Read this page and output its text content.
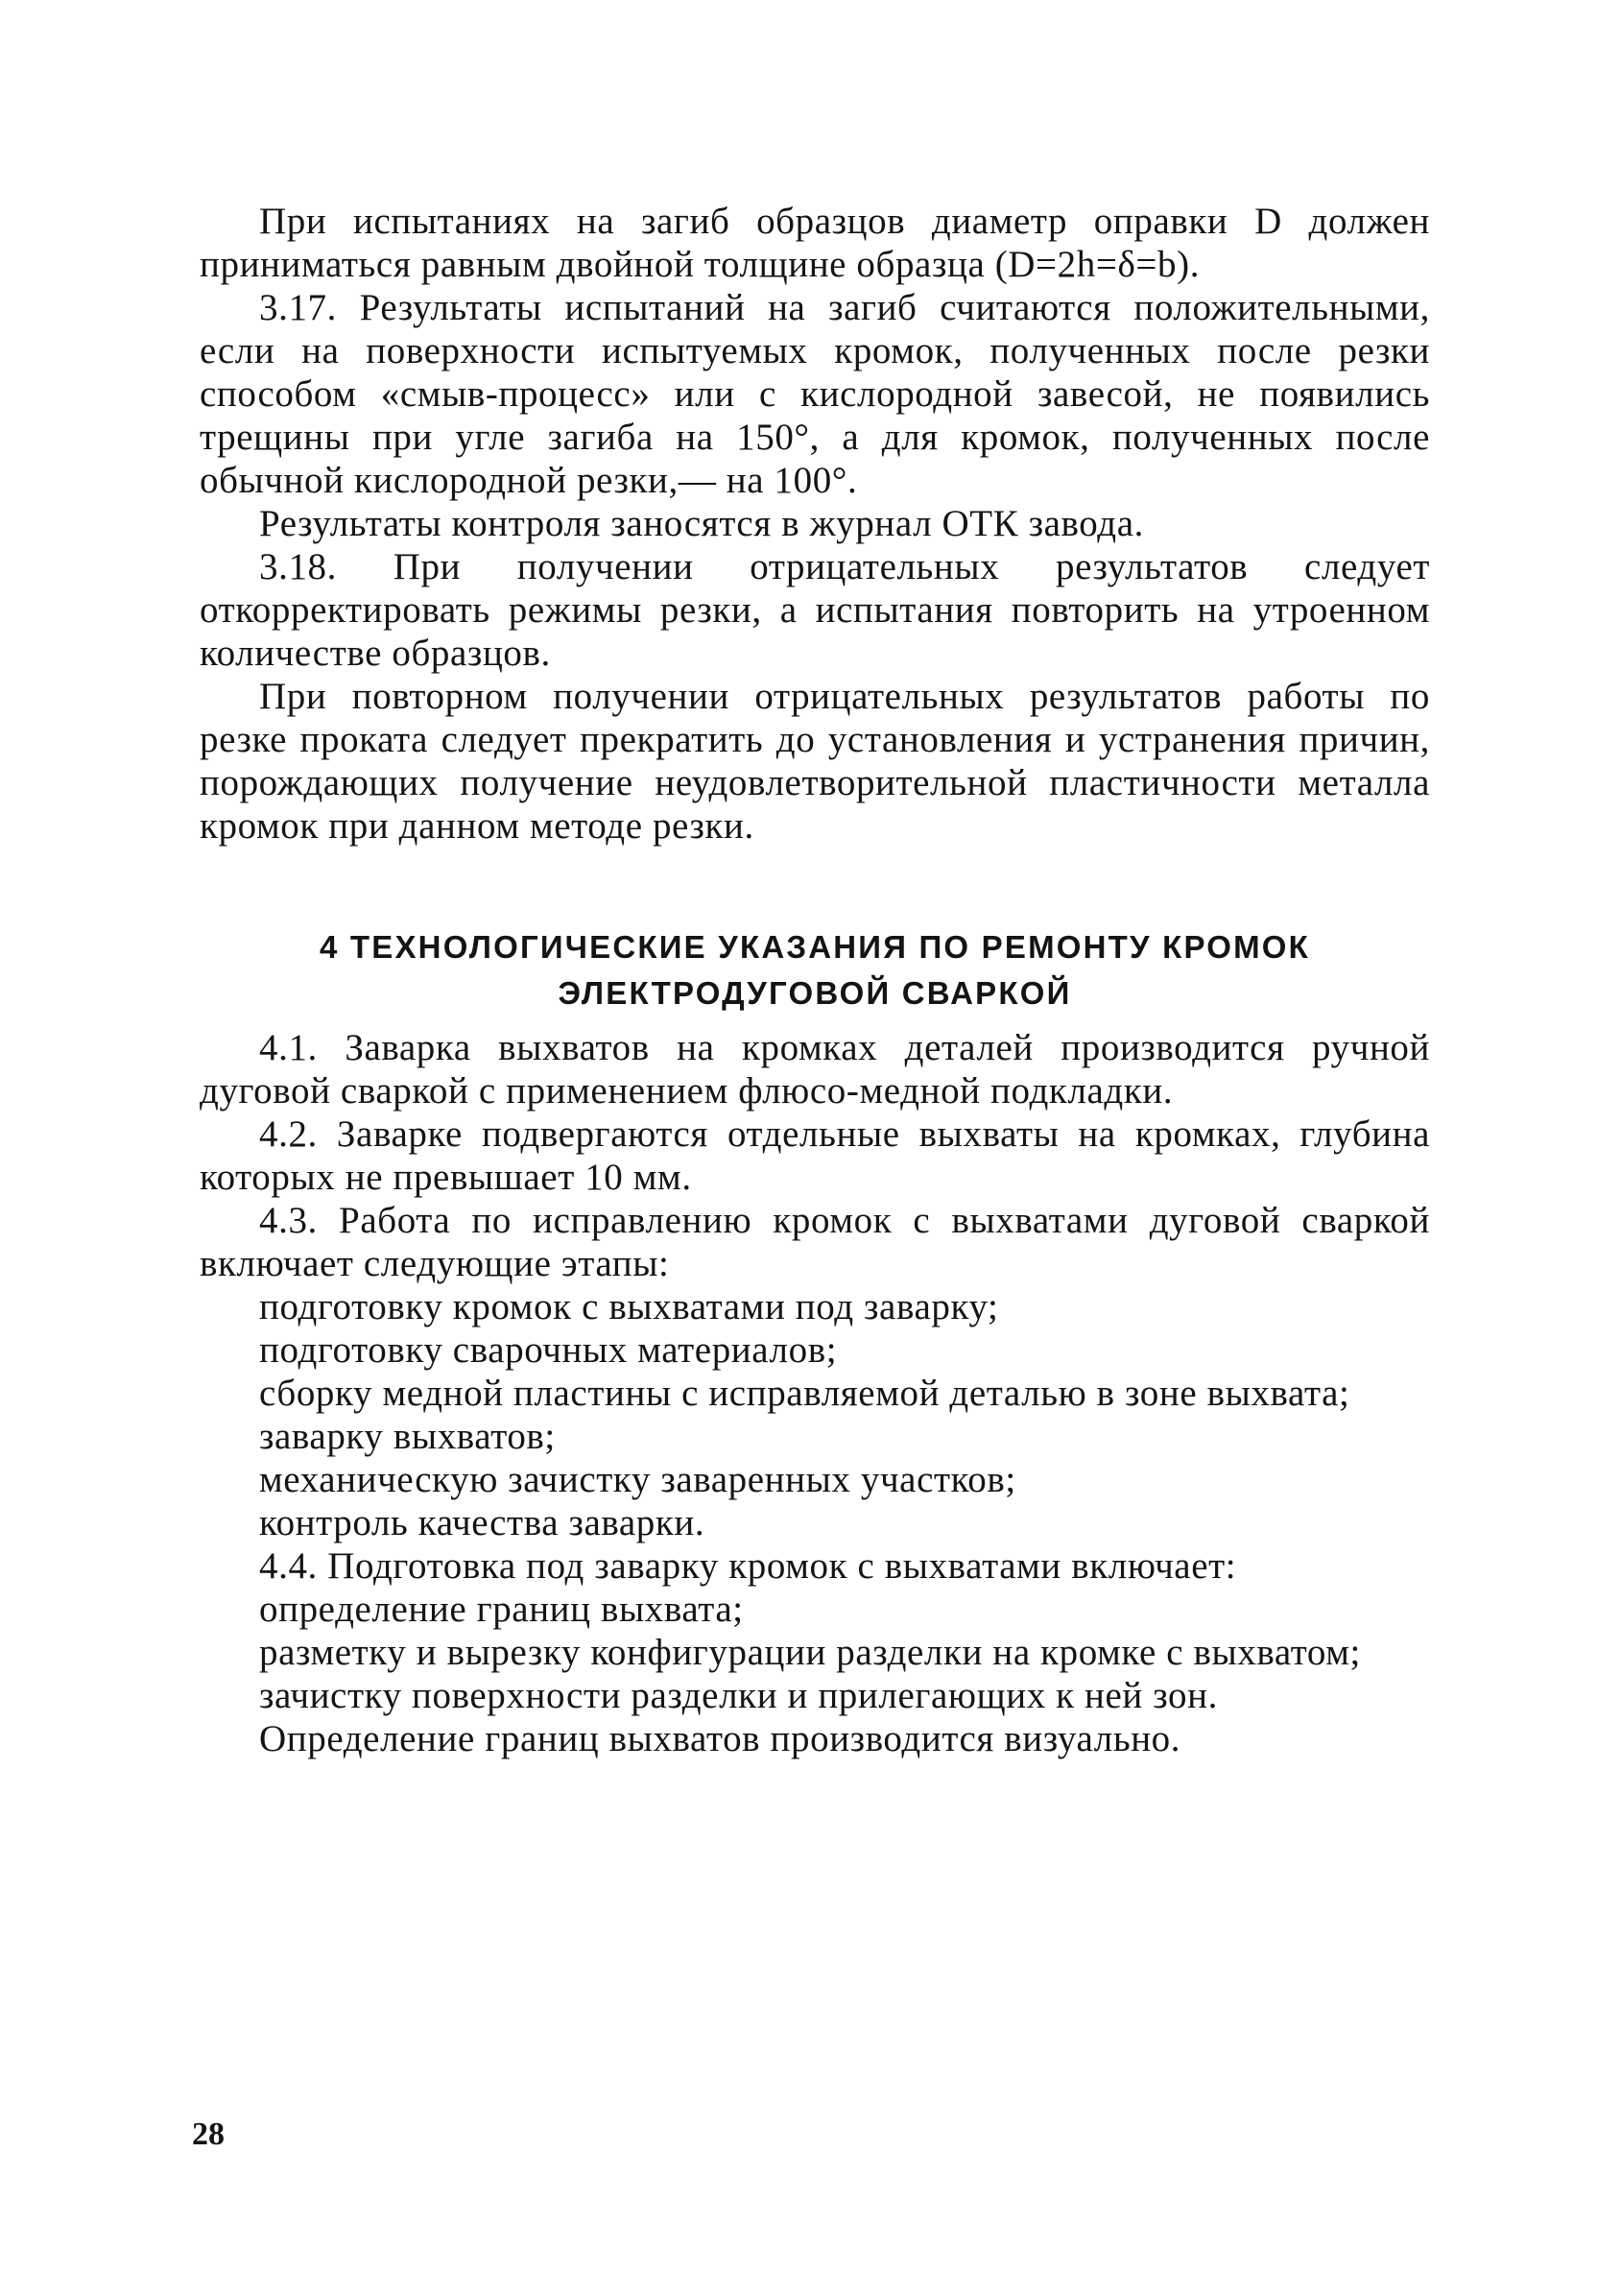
При испытаниях на загиб образцов диаметр оправки D должен приниматься равным двойной толщине образца (D=2h=δ=b).

3.17. Результаты испытаний на загиб считаются положительными, если на поверхности испытуемых кромок, полученных после резки способом «смыв-процесс» или с кислородной завесой, не появились трещины при угле загиба на 150°, а для кромок, полученных после обычной кислородной резки,— на 100°.

Результаты контроля заносятся в журнал ОТК завода.

3.18. При получении отрицательных результатов следует откорректировать режимы резки, а испытания повторить на утроенном количестве образцов.

При повторном получении отрицательных результатов работы по резке проката следует прекратить до установления и устранения причин, порождающих получение неудовлетворительной пластичности металла кромок при данном методе резки.

4 ТЕХНОЛОГИЧЕСКИЕ УКАЗАНИЯ ПО РЕМОНТУ КРОМОК
ЭЛЕКТРОДУГОВОЙ СВАРКОЙ

4.1. Заварка выхватов на кромках деталей производится ручной дуговой сваркой с применением флюсо-медной подкладки.

4.2. Заварке подвергаются отдельные выхваты на кромках, глубина которых не превышает 10 мм.

4.3. Работа по исправлению кромок с выхватами дуговой сваркой включает следующие этапы:

подготовку кромок с выхватами под заварку;

подготовку сварочных материалов;

сборку медной пластины с исправляемой деталью в зоне выхвата;

заварку выхватов;

механическую зачистку заваренных участков;

контроль качества заварки.

4.4. Подготовка под заварку кромок с выхватами включает:

определение границ выхвата;

разметку и вырезку конфигурации разделки на кромке с выхватом;

зачистку поверхности разделки и прилегающих к ней зон.

Определение границ выхватов производится визуально.

28
